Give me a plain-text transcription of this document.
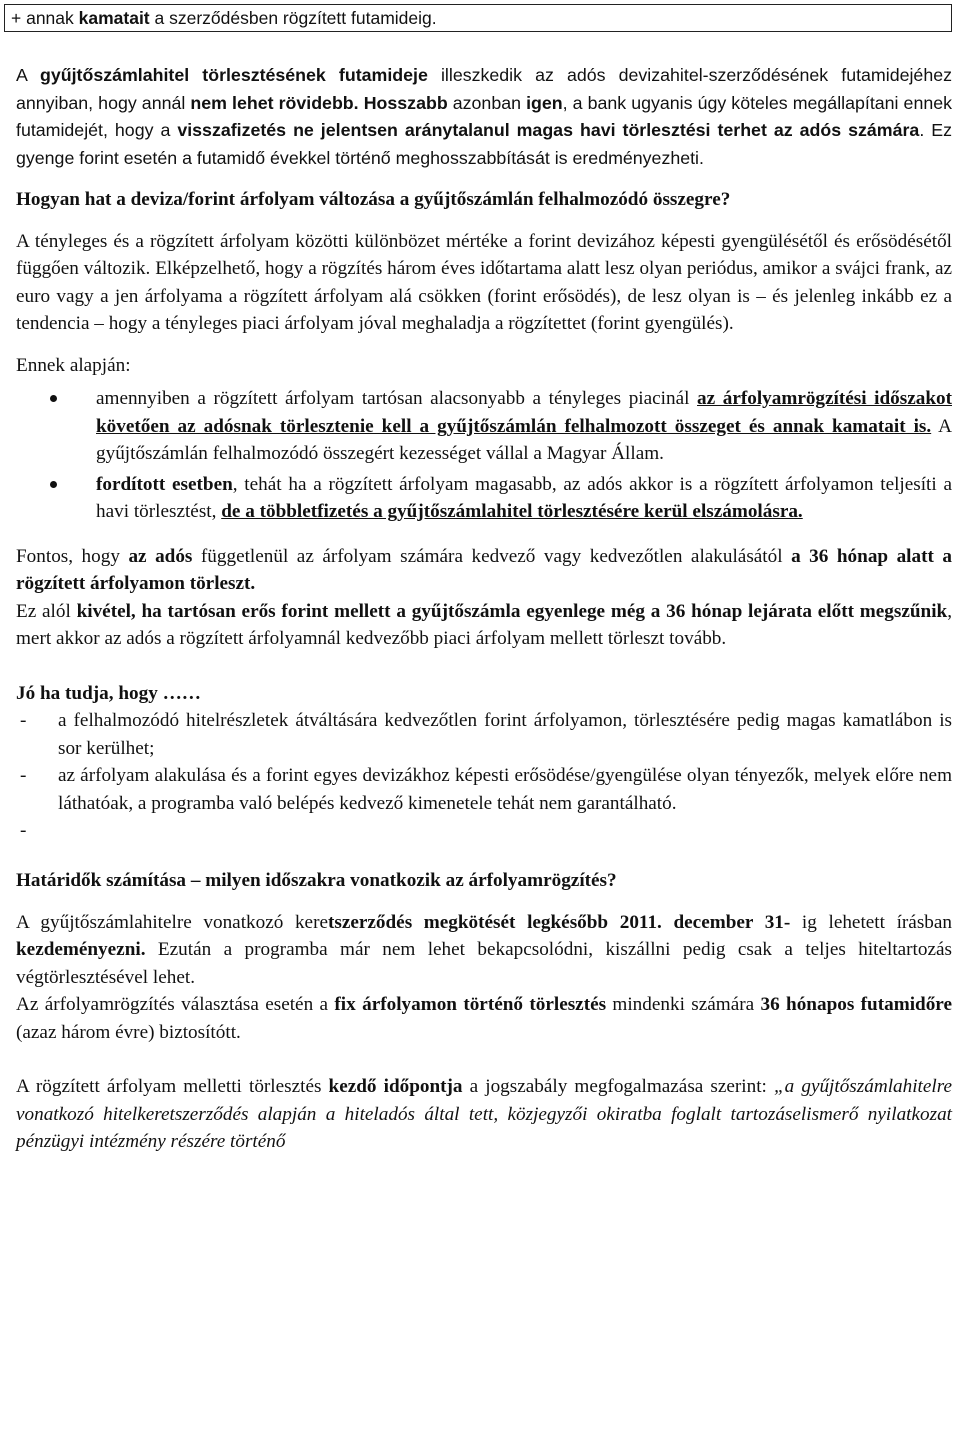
+ annak kamatait a szerződésben rögzített futamideig.

A gyűjtőszámlahitel törlesztésének futamideje illeszkedik az adós devizahitel-szerződésének futamidejéhez annyiban, hogy annál nem lehet rövidebb. Hosszabb azonban igen, a bank ugyanis úgy köteles megállapítani ennek futamidejét, hogy a visszafizetés ne jelentsen aránytalanul magas havi törlesztési terhet az adós számára. Ez gyenge forint esetén a futamidő évekkel történő meghosszabbítását is eredményezheti.

Hogyan hat a deviza/forint árfolyam változása a gyűjtőszámlán felhalmozódó összegre?

A tényleges és a rögzített árfolyam közötti különbözet mértéke a forint devizához képesti gyengülésétől és erősödésétől függően változik. Elképzelhető, hogy a rögzítés három éves időtartama alatt lesz olyan periódus, amikor a svájci frank, az euro vagy a jen árfolyama a rögzített árfolyam alá csökken (forint erősödés), de lesz olyan is – és jelenleg inkább ez a tendencia – hogy a tényleges piaci árfolyam jóval meghaladja a rögzítettet (forint gyengülés).

Ennek alapján:

amennyiben a rögzített árfolyam tartósan alacsonyabb a tényleges piacinál az árfolyamrögzítési időszakot követően az adósnak törlesztenie kell a gyűjtőszámlán felhalmozott összeget és annak kamatait is. A gyűjtőszámlán felhalmozódó összegért kezességet vállal a Magyar Állam.
fordított esetben, tehát ha a rögzített árfolyam magasabb, az adós akkor is a rögzített árfolyamon teljesíti a havi törlesztést, de a többletfizetés a gyűjtőszámlahitel törlesztésére kerül elszámolásra.

Fontos, hogy az adós függetlenül az árfolyam számára kedvező vagy kedvezőtlen alakulásától a 36 hónap alatt a rögzített árfolyamon törleszt.

Ez alól kivétel, ha tartósan erős forint mellett a gyűjtőszámla egyenlege még a 36 hónap lejárata előtt megszűnik, mert akkor az adós a rögzített árfolyamnál kedvezőbb piaci árfolyam mellett törleszt tovább.

Jó ha tudja, hogy ……

- a felhalmozódó hitelrészletek átváltására kedvezőtlen forint árfolyamon, törlesztésére pedig magas kamatlábon is sor kerülhet;
- az árfolyam alakulása és a forint egyes devizákhoz képesti erősödése/gyengülése olyan tényezők, melyek előre nem láthatóak, a programba való belépés kedvező kimenetele tehát nem garantálható.
-

Határidők számítása – milyen időszakra vonatkozik az árfolyamrögzítés?

A gyűjtőszámlahitelre vonatkozó keretszerződés megkötését legkésőbb 2011. december 31- ig lehetett írásban kezdeményezni. Ezután a programba már nem lehet bekapcsolódni, kiszállni pedig csak a teljes hiteltartozás végtörlesztésével lehet.

Az árfolyamrögzítés választása esetén a fix árfolyamon történő törlesztés mindenki számára 36 hónapos futamidőre (azaz három évre) biztosítótt.

A rögzített árfolyam melletti törlesztés kezdő időpontja a jogszabály megfogalmazása szerint: „a gyűjtőszámlahitelre vonatkozó hitelkeretszerződés alapján a hiteladós által tett, közjegyzői okiratba foglalt tartozáselismerő nyilatkozat pénzügyi intézmény részére történő
